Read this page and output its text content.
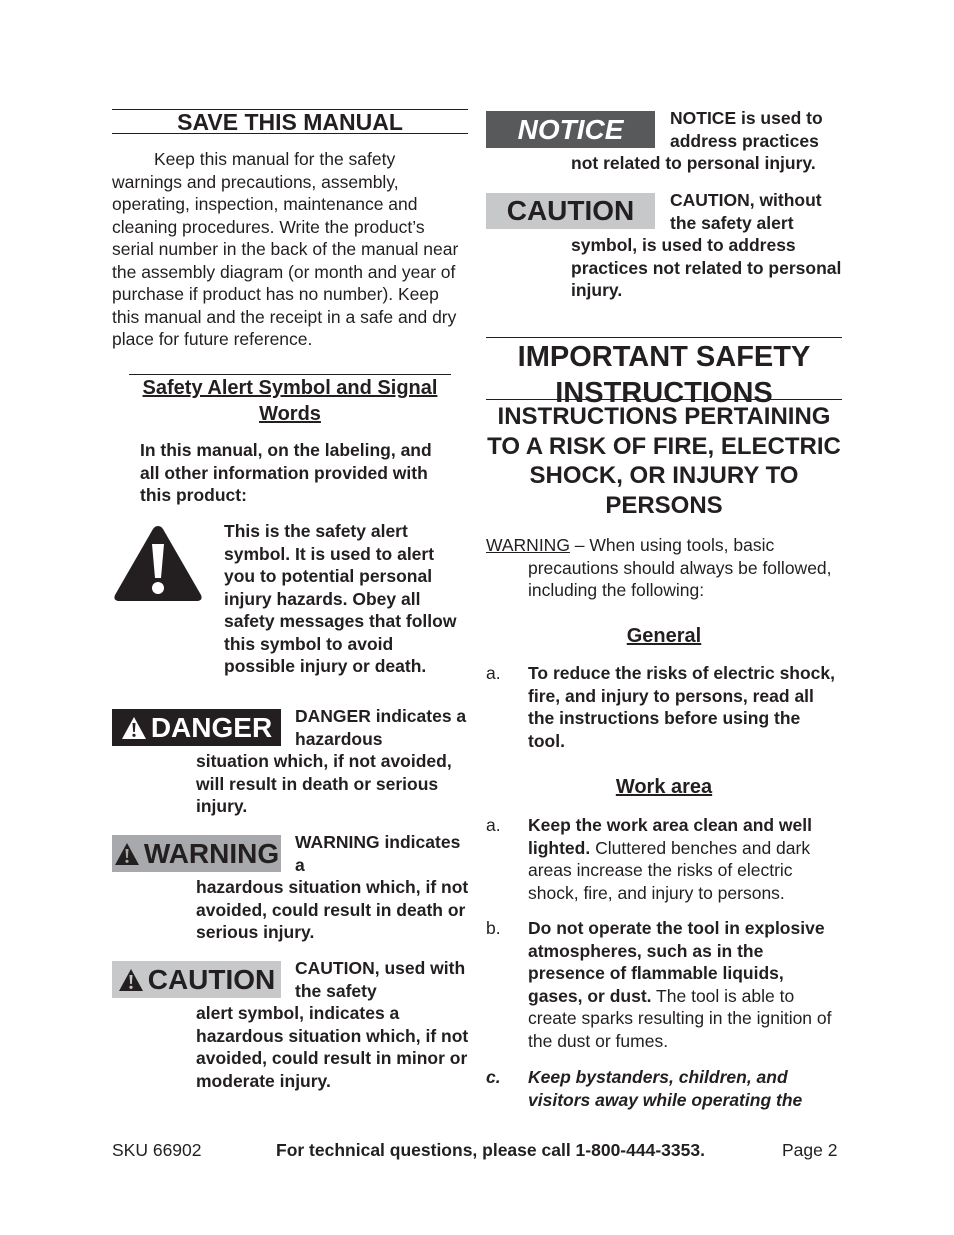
SAVE THIS MANUAL

Keep this manual for the safety warnings and precautions, assembly, operating, inspection, maintenance and cleaning procedures. Write the product’s serial number in the back of the manual near the assembly diagram (or month and year of purchase if product has no number). Keep this manual and the receipt in a safe and dry place for future reference.

Safety Alert Symbol and Signal
Words

In this manual, on the labeling, and all other information provided with this product:

This is the safety alert symbol. It is used to alert you to potential personal injury hazards. Obey all safety messages that follow this symbol to avoid possible injury or death.

DANGER DANGER indicates a hazardous
situation which, if not avoided, will result in death or serious injury.
WARNING WARNING indicates a
hazardous situation which, if not avoided, could result in death or serious injury.
CAUTION CAUTION, used with the safety
alert symbol, indicates a hazardous situation which, if not avoided, could result in minor or moderate injury.
NOTICE	NOTICE is used to address practices
not related to personal injury.
CAUTION	CAUTION, without the safety alert
symbol, is used to address practices not related to personal injury.
IMPORTANT SAFETY INSTRUCTIONS
INSTRUCTIONS PERTAINING TO A RISK OF FIRE, ELECTRIC SHOCK, OR INJURY TO PERSONS

WARNING – When using tools, basic precautions should always be followed, including the following:

General
a. To reduce the risks of electric shock, fire, and injury to persons, read all the instructions before using the tool.
Work area
a. Keep the work area clean and well lighted. Cluttered benches and dark areas increase the risks of electric shock, fire, and injury to persons.
b. Do not operate the tool in explosive atmospheres, such as in the presence of flammable liquids, gases, or dust. The tool is able to create sparks resulting in the ignition of the dust or fumes.
c. Keep bystanders, children, and visitors away while operating the
SKU 66902	For technical questions, please call 1-800-444-3353.	Page 2
